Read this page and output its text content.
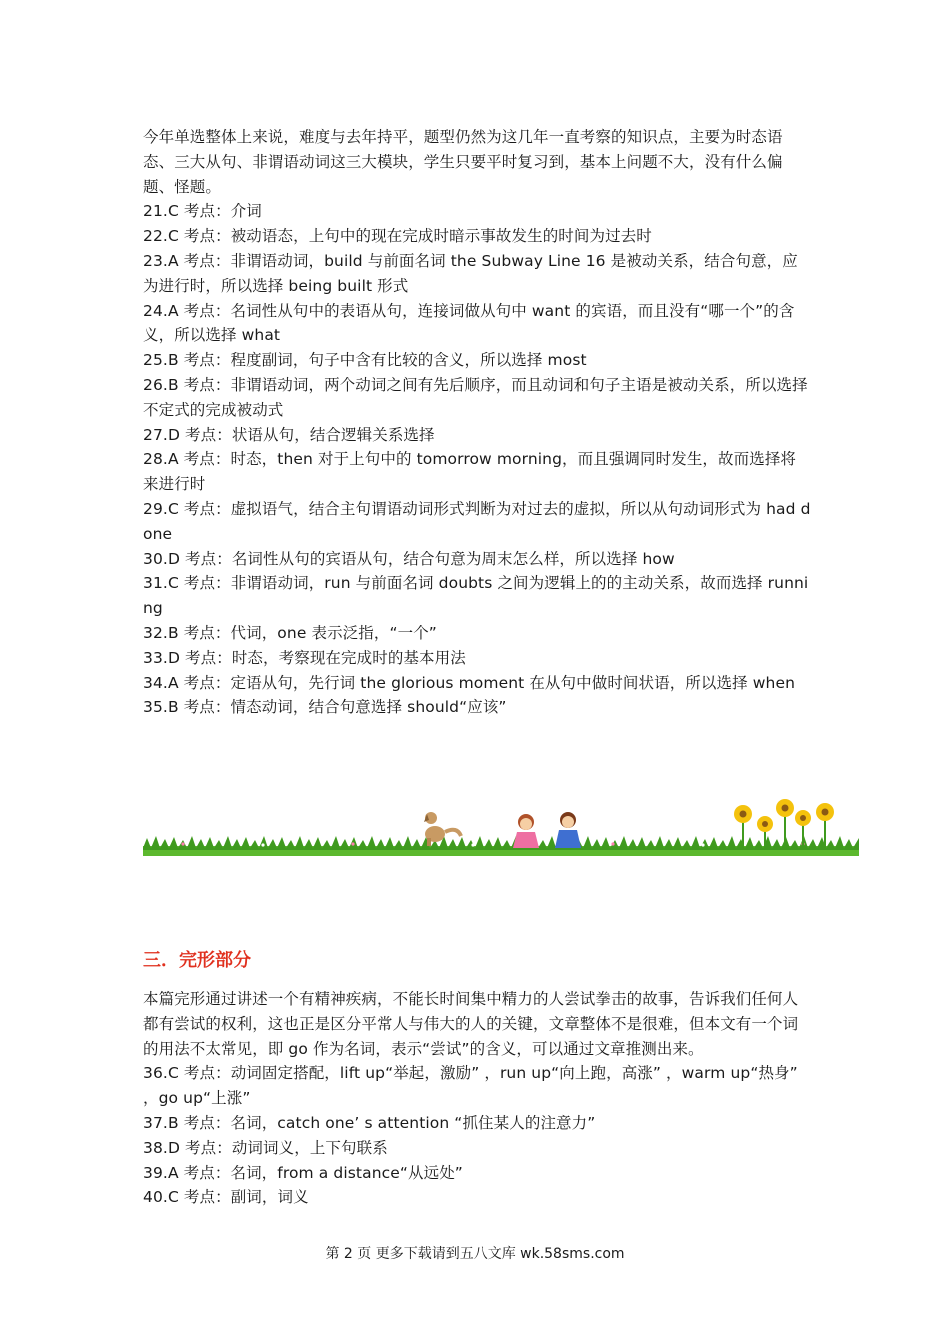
今年单选整体上来说，难度与去年持平，题型仍然为这几年一直考察的知识点，主要为时态语态、三大从句、非谓语动词这三大模块，学生只要平时复习到，基本上问题不大，没有什么偏题、怪题。

21.C 考点：介词

22.C 考点：被动语态，上句中的现在完成时暗示事故发生的时间为过去时

23.A 考点：非谓语动词，build 与前面名词 the Subway Line 16 是被动关系，结合句意，应为进行时，所以选择 being built 形式

24.A 考点：名词性从句中的表语从句，连接词做从句中 want 的宾语，而且没有“哪一个”的含义，所以选择 what

25.B 考点：程度副词，句子中含有比较的含义，所以选择 most

26.B 考点：非谓语动词，两个动词之间有先后顺序，而且动词和句子主语是被动关系，所以选择不定式的完成被动式

27.D 考点：状语从句，结合逻辑关系选择

28.A 考点：时态，then 对于上句中的 tomorrow morning，而且强调同时发生，故而选择将来进行时

29.C 考点：虚拟语气，结合主句谓语动词形式判断为对过去的虚拟，所以从句动词形式为 had done

30.D 考点：名词性从句的宾语从句，结合句意为周末怎么样，所以选择 how

31.C 考点：非谓语动词，run 与前面名词 doubts 之间为逻辑上的的主动关系，故而选择 running

32.B 考点：代词，one 表示泛指，“一个”

33.D 考点：时态，考察现在完成时的基本用法

34.A 考点：定语从句，先行词 the glorious moment 在从句中做时间状语，所以选择 when

35.B 考点：情态动词，结合句意选择 should“应该”

三．完形部分

本篇完形通过讲述一个有精神疾病，不能长时间集中精力的人尝试拳击的故事，告诉我们任何人都有尝试的权利，这也正是区分平常人与伟大的人的关键，文章整体不是很难，但本文有一个词的用法不太常见，即 go 作为名词，表示“尝试”的含义，可以通过文章推测出来。

36.C 考点：动词固定搭配，lift up“举起，激励” ，run up“向上跑，高涨” ，warm up“热身” ，go up“上涨”

37.B 考点：名词，catch one’ s attention “抓住某人的注意力”

38.D 考点：动词词义，上下句联系

39.A 考点：名词，from a distance“从远处”

40.C 考点：副词，词义

第 2 页 更多下载请到五八文库 wk.58sms.com
